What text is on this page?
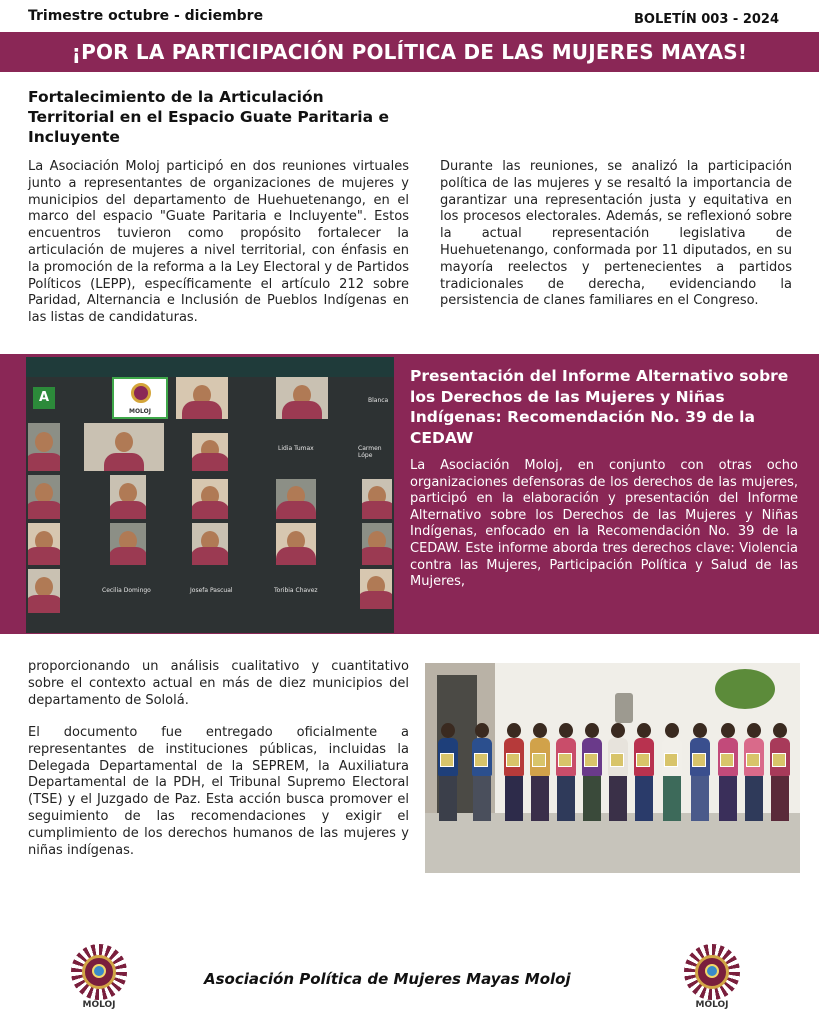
Trimestre octubre - diciembre	BOLETÍN 003 - 2024
¡POR LA PARTICIPACIÓN POLÍTICA DE LAS MUJERES MAYAS!
Fortalecimiento de la Articulación Territorial en el Espacio Guate Paritaria e Incluyente
La Asociación Moloj participó en dos reuniones virtuales junto a representantes de organizaciones de mujeres y municipios del departamento de Huehuetenango, en el marco del espacio "Guate Paritaria e Incluyente". Estos encuentros tuvieron como propósito fortalecer la articulación de mujeres a nivel territorial, con énfasis en la promoción de la reforma a la Ley Electoral y de Partidos Políticos (LEPP), específicamente el artículo 212 sobre Paridad, Alternancia e Inclusión de Pueblos Indígenas en las listas de candidaturas.
Durante las reuniones, se analizó la participación política de las mujeres y se resaltó la importancia de garantizar una representación justa y equitativa en los procesos electorales. Además, se reflexionó sobre la actual representación legislativa de Huehuetenango, conformada por 11 diputados, en su mayoría reelectos y pertenecientes a partidos tradicionales de derecha, evidenciando la persistencia de clanes familiares en el Congreso.
A
MOLOJ
Blanca
Lidia Tumax	Carmen Lópe
Cecilia Domingo	Josefa Pascual	Toribia Chavez
Presentación del Informe Alternativo sobre los Derechos de las Mujeres y Niñas Indígenas: Recomendación No. 39 de la CEDAW
La Asociación Moloj, en conjunto con otras ocho organizaciones defensoras de los derechos de las mujeres, participó en la elaboración y presentación del Informe Alternativo sobre los Derechos de las Mujeres y Niñas Indígenas, enfocado en la Recomendación No. 39 de la CEDAW. Este informe aborda tres derechos clave: Violencia contra las Mujeres, Participación Política y Salud de las Mujeres,
proporcionando un análisis cualitativo y cuantitativo sobre el contexto actual en más de diez municipios del departamento de Sololá.
El documento fue entregado oficialmente a representantes de instituciones públicas, incluidas la Delegada Departamental de la SEPREM, la Auxiliatura Departamental de la PDH, el Tribunal Supremo Electoral (TSE) y el Juzgado de Paz. Esta acción busca promover el seguimiento de las recomendaciones y exigir el cumplimiento de los derechos humanos de las mujeres y niñas indígenas.
MOLOJ
Asociación Política de Mujeres Mayas Moloj
MOLOJ
